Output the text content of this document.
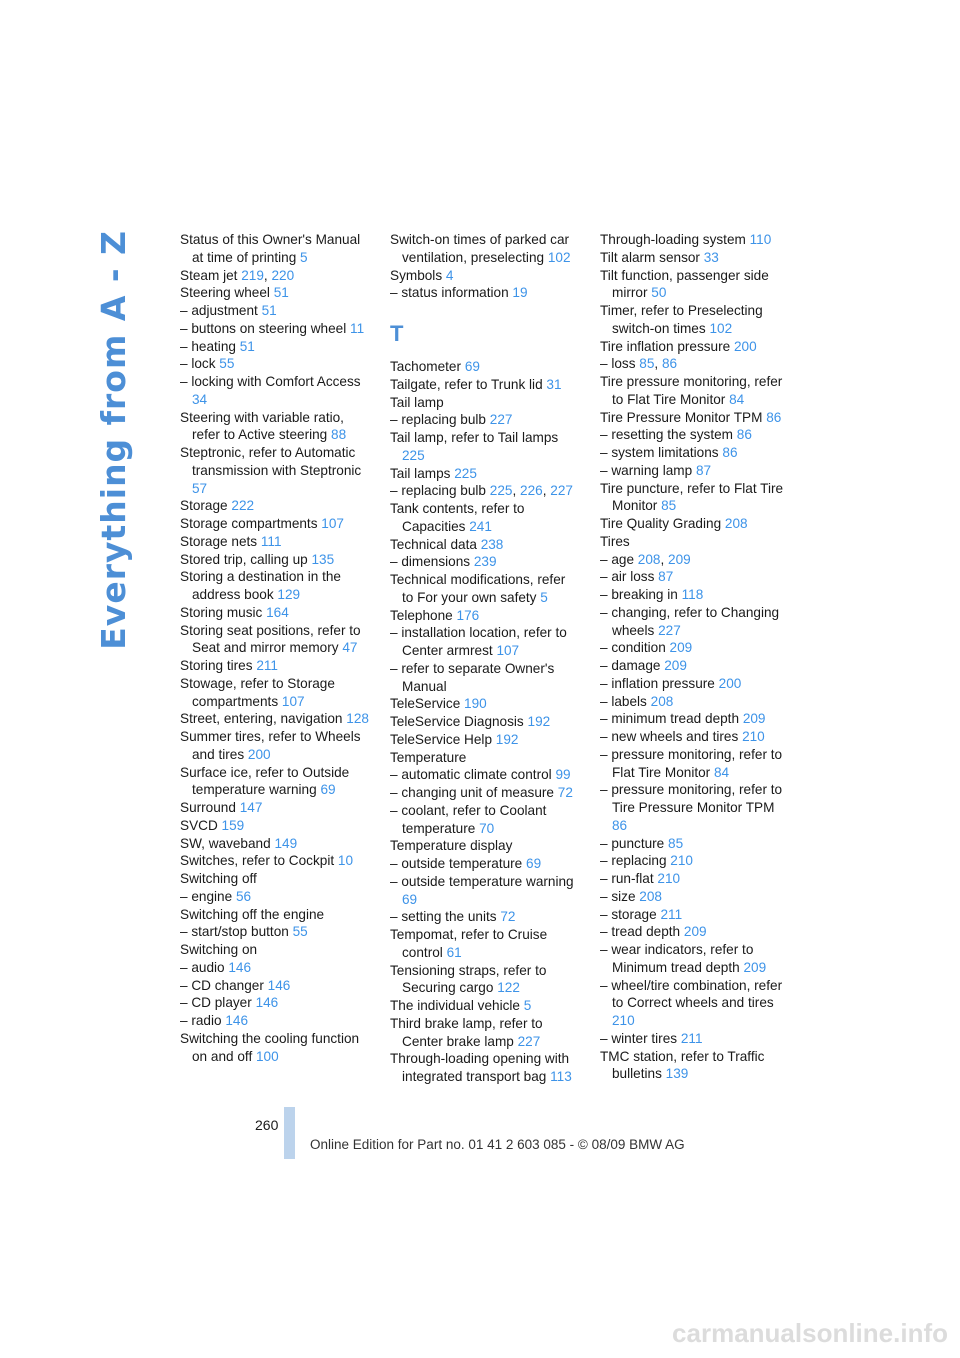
Everything from A - Z	Status of this Owner's Manual at time of printing 5
Steam jet 219, 220
Steering wheel 51
– adjustment 51
– buttons on steering wheel 11
– heating 51
– lock 55
– locking with Comfort Access 34
Steering with variable ratio, refer to Active steering 88
Steptronic, refer to Automatic transmission with Steptronic 57
Storage 222
Storage compartments 107
Storage nets 111
Stored trip, calling up 135
Storing a destination in the address book 129
Storing music 164
Storing seat positions, refer to Seat and mirror memory 47
Storing tires 211
Stowage, refer to Storage compartments 107
Street, entering, navigation 128
Summer tires, refer to Wheels and tires 200
Surface ice, refer to Outside temperature warning 69
Surround 147
SVCD 159
SW, waveband 149
Switches, refer to Cockpit 10
Switching off
– engine 56
Switching off the engine
– start/stop button 55
Switching on
– audio 146
– CD changer 146
– CD player 146
– radio 146
Switching the cooling function on and off 100
Switch-on times of parked car ventilation, preselecting 102
Symbols 4
– status information 19
T
Tachometer 69
Tailgate, refer to Trunk lid 31
Tail lamp
– replacing bulb 227
Tail lamp, refer to Tail lamps 225
Tail lamps 225
– replacing bulb 225, 226, 227
Tank contents, refer to Capacities 241
Technical data 238
– dimensions 239
Technical modifications, refer to For your own safety 5
Telephone 176
– installation location, refer to Center armrest 107
– refer to separate Owner's Manual
TeleService 190
TeleService Diagnosis 192
TeleService Help 192
Temperature
– automatic climate control 99
– changing unit of measure 72
– coolant, refer to Coolant temperature 70
Temperature display
– outside temperature 69
– outside temperature warning 69
– setting the units 72
Tempomat, refer to Cruise control 61
Tensioning straps, refer to Securing cargo 122
The individual vehicle 5
Third brake lamp, refer to Center brake lamp 227
Through-loading opening with integrated transport bag 113
Through-loading system 110
Tilt alarm sensor 33
Tilt function, passenger side mirror 50
Timer, refer to Preselecting switch-on times 102
Tire inflation pressure 200
– loss 85, 86
Tire pressure monitoring, refer to Flat Tire Monitor 84
Tire Pressure Monitor TPM 86
– resetting the system 86
– system limitations 86
– warning lamp 87
Tire puncture, refer to Flat Tire Monitor 85
Tire Quality Grading 208
Tires
– age 208, 209
– air loss 87
– breaking in 118
– changing, refer to Changing wheels 227
– condition 209
– damage 209
– inflation pressure 200
– labels 208
– minimum tread depth 209
– new wheels and tires 210
– pressure monitoring, refer to Flat Tire Monitor 84
– pressure monitoring, refer to Tire Pressure Monitor TPM 86
– puncture 85
– replacing 210
– run-flat 210
– size 208
– storage 211
– tread depth 209
– wear indicators, refer to Minimum tread depth 209
– wheel/tire combination, refer to Correct wheels and tires 210
– winter tires 211
TMC station, refer to Traffic bulletins 139
260
Online Edition for Part no. 01 41 2 603 085 - © 08/09 BMW AG
carmanualsonline.info
